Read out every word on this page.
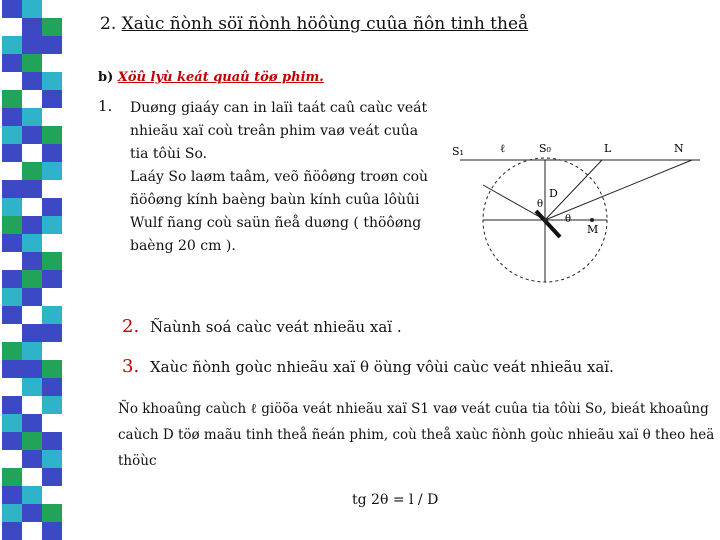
2. Xaùc ñònh söï ñònh höôùng cuûa ñôn tinh theå
b) Xöû lyù keát quaû töø phim.
1. Duøng giaáy can in laïi taát caû caùc veát
nhieãu xaï coù treân phim vaø veát cuûa
tia tôùi So.
Laáy So laøm taâm, veõ ñöôøng troøn coù
ñöôøng kính baèng baùn kính cuûa lôùûi
Wulf ñang coù saün ñeå duøng ( thöôøng
baèng 20 cm ).
S₁	ℓ	S₀	L	N
D
θ
θ
M
2. Ñaùnh soá caùc veát nhieãu xaï .
3. Xaùc ñònh goùc nhieãu xaï θ öùng vôùi caùc veát nhieãu xaï.
Ño khoaûng caùch ℓ giöõa veát nhieãu xaï S1 vaø veát cuûa tia tôùi So, bieát khoaûng
caùch D töø maãu tinh theå ñeán phim, coù theå xaùc ñònh goùc nhieãu xaï θ theo heä
thöùc
tg 2θ = l / D
